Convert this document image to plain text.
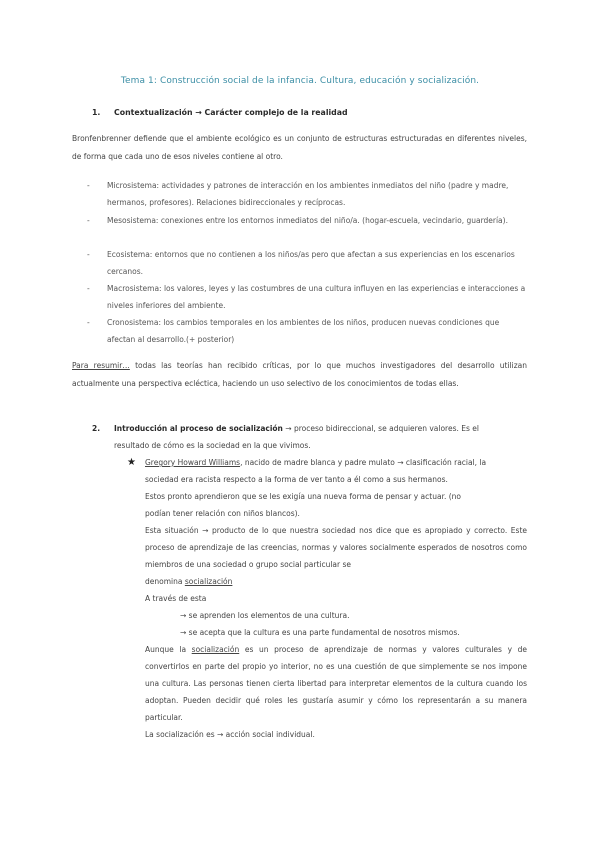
Tema 1: Construcción social de la infancia. Cultura, educación y socialización.
1. Contextualización → Carácter complejo de la realidad
Bronfenbrenner defiende que el ambiente ecológico es un conjunto de estructuras estructuradas en diferentes niveles, de forma que cada uno de esos niveles contiene al otro.
- Microsistema: actividades y patrones de interacción en los ambientes inmediatos del niño (padre y madre, hermanos, profesores). Relaciones bidireccionales y recíprocas.
- Mesosistema: conexiones entre los entornos inmediatos del niño/a. (hogar-escuela, vecindario, guardería).
- Ecosistema: entornos que no contienen a los niños/as pero que afectan a sus experiencias en los escenarios cercanos.
- Macrosistema: los valores, leyes y las costumbres de una cultura influyen en las experiencias e interacciones a niveles inferiores del ambiente.
- Cronosistema: los cambios temporales en los ambientes de los niños, producen nuevas condiciones que afectan al desarrollo.(+ posterior)
Para resumir… todas las teorías han recibido críticas, por lo que muchos investigadores del desarrollo utilizan actualmente una perspectiva ecléctica, haciendo un uso selectivo de los conocimientos de todas ellas.
2. Introducción al proceso de socialización → proceso bidireccional, se adquieren valores. Es el
resultado de cómo es la sociedad en la que vivimos.
★ Gregory Howard Williams, nacido de madre blanca y padre mulato → clasificación racial, la
sociedad era racista respecto a la forma de ver tanto a él como a sus hermanos.
Estos pronto aprendieron que se les exigía una nueva forma de pensar y actuar. (no
podían tener relación con niños blancos).
Esta situación → producto de lo que nuestra sociedad nos dice que es apropiado y correcto. Este proceso de aprendizaje de las creencias, normas y valores socialmente esperados de nosotros como miembros de una sociedad o grupo social particular se
denomina socialización
A través de esta
→ se aprenden los elementos de una cultura.
→ se acepta que la cultura es una parte fundamental de nosotros mismos.
Aunque la socialización es un proceso de aprendizaje de normas y valores culturales y de convertirlos en parte del propio yo interior, no es una cuestión de que simplemente se nos impone una cultura. Las personas tienen cierta libertad para interpretar elementos de la cultura cuando los adoptan. Pueden decidir qué roles les gustaría asumir y cómo los representarán a su manera particular.
La socialización es → acción social individual.
